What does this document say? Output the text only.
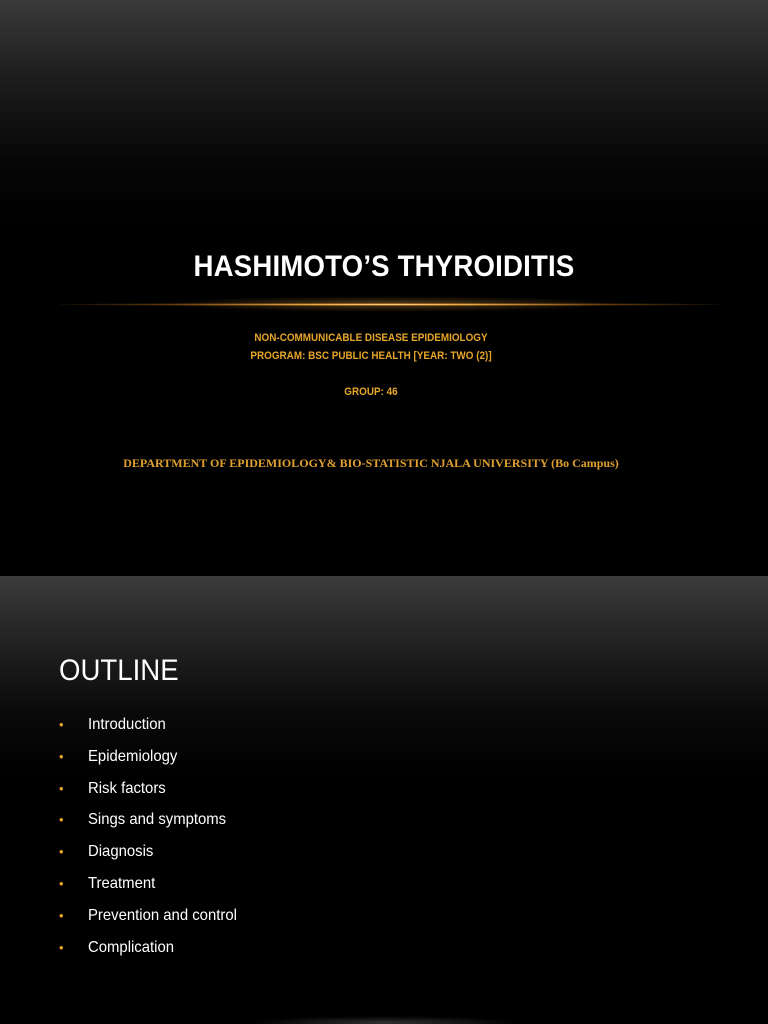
HASHIMOTO’S THYROIDITIS
NON-COMMUNICABLE DISEASE EPIDEMIOLOGY
PROGRAM: BSC PUBLIC HEALTH [YEAR: TWO (2)]
GROUP: 46
DEPARTMENT OF EPIDEMIOLOGY& BIO-STATISTIC NJALA UNIVERSITY (Bo Campus)
OUTLINE
• Introduction
• Epidemiology
• Risk factors
• Sings and symptoms
• Diagnosis
• Treatment
• Prevention and control
• Complication
